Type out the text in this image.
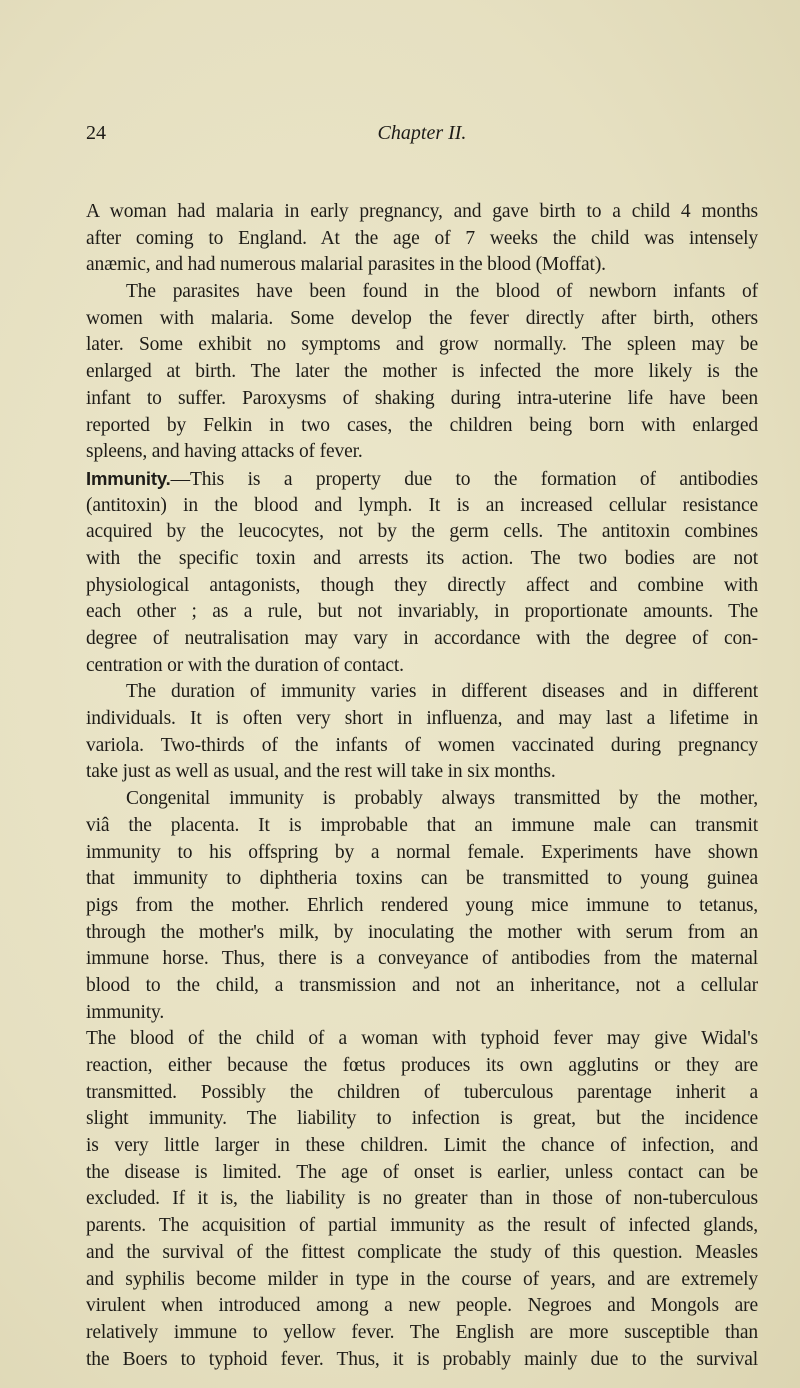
24	Chapter II.
A woman had malaria in early pregnancy, and gave birth to a child 4 months
after coming to England. At the age of 7 weeks the child was intensely
anæmic, and had numerous malarial parasites in the blood (Moffat).
The parasites have been found in the blood of newborn infants of
women with malaria. Some develop the fever directly after birth, others
later. Some exhibit no symptoms and grow normally. The spleen may be
enlarged at birth. The later the mother is infected the more likely is the
infant to suffer. Paroxysms of shaking during intra-uterine life have been
reported by Felkin in two cases, the children being born with enlarged
spleens, and having attacks of fever.
Immunity.—This is a property due to the formation of antibodies
(antitoxin) in the blood and lymph. It is an increased cellular resistance
acquired by the leucocytes, not by the germ cells. The antitoxin combines
with the specific toxin and arrests its action. The two bodies are not
physiological antagonists, though they directly affect and combine with
each other ; as a rule, but not invariably, in proportionate amounts. The
degree of neutralisation may vary in accordance with the degree of con-
centration or with the duration of contact.
The duration of immunity varies in different diseases and in different
individuals. It is often very short in influenza, and may last a lifetime in
variola. Two-thirds of the infants of women vaccinated during pregnancy
take just as well as usual, and the rest will take in six months.
Congenital immunity is probably always transmitted by the mother,
viâ the placenta. It is improbable that an immune male can transmit
immunity to his offspring by a normal female. Experiments have shown
that immunity to diphtheria toxins can be transmitted to young guinea
pigs from the mother. Ehrlich rendered young mice immune to tetanus,
through the mother's milk, by inoculating the mother with serum from an
immune horse. Thus, there is a conveyance of antibodies from the maternal
blood to the child, a transmission and not an inheritance, not a cellular
immunity.
The blood of the child of a woman with typhoid fever may give Widal's
reaction, either because the fœtus produces its own agglutins or they are
transmitted. Possibly the children of tuberculous parentage inherit a
slight immunity. The liability to infection is great, but the incidence
is very little larger in these children. Limit the chance of infection, and
the disease is limited. The age of onset is earlier, unless contact can be
excluded. If it is, the liability is no greater than in those of non-tuberculous
parents. The acquisition of partial immunity as the result of infected glands,
and the survival of the fittest complicate the study of this question. Measles
and syphilis become milder in type in the course of years, and are extremely
virulent when introduced among a new people. Negroes and Mongols are
relatively immune to yellow fever. The English are more susceptible than
the Boers to typhoid fever. Thus, it is probably mainly due to the survival
